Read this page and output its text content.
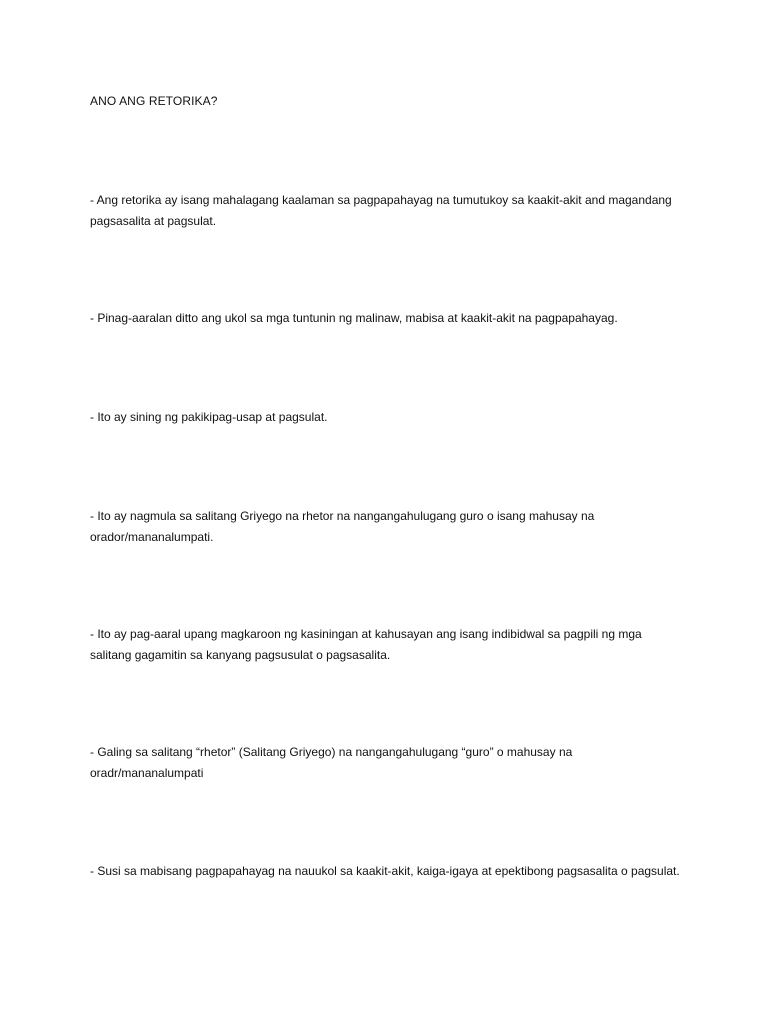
ANO ANG RETORIKA?

- Ang retorika ay isang mahalagang kaalaman sa pagpapahayag na tumutukoy sa kaakit-akit and magandang pagsasalita at pagsulat.

- Pinag-aaralan ditto ang ukol sa mga tuntunin ng malinaw, mabisa at kaakit-akit na pagpapahayag.

- Ito ay sining ng pakikipag-usap at pagsulat.

- Ito ay nagmula sa salitang Griyego na rhetor na nangangahulugang guro o isang mahusay na orador/mananalumpati.

- Ito ay pag-aaral upang magkaroon ng kasiningan at kahusayan ang isang indibidwal sa pagpili ng mga salitang gagamitin sa kanyang pagsusulat o pagsasalita.

- Galing sa salitang “rhetor” (Salitang Griyego) na nangangahulugang “guro” o mahusay na oradr/mananalumpati

- Susi sa mabisang pagpapahayag na nauukol sa kaakit-akit, kaiga-igaya at epektibong pagsasalita o pagsulat.
